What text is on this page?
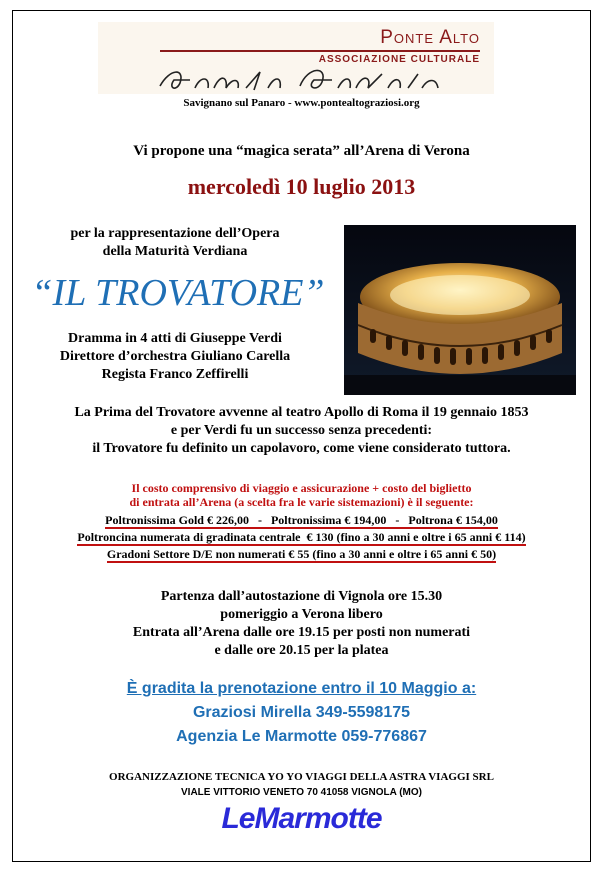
Ponte Alto
ASSOCIAZIONE CULTURALE
Savignano sul Panaro - www.pontealtograziosi.org
Vi propone una “magica serata” all’Arena di Verona
mercoledì 10 luglio 2013
per la rappresentazione dell’Opera
della Maturità Verdiana
“IL TROVATORE”
Dramma in 4 atti di Giuseppe Verdi
Direttore d’orchestra Giuliano Carella
Regista Franco Zeffirelli
La Prima del Trovatore avvenne al teatro Apollo di Roma il 19 gennaio 1853
e per Verdi fu un successo senza precedenti:
il Trovatore fu definito un capolavoro, come viene considerato tuttora.
Il costo comprensivo di viaggio e assicurazione + costo del biglietto
di entrata all’Arena (a scelta fra le varie sistemazioni) è il seguente:
Poltronissima Gold € 226,00   -   Poltronissima € 194,00   -   Poltrona € 154,00
Poltroncina numerata di gradinata centrale  € 130 (fino a 30 anni e oltre i 65 anni € 114)
Gradoni Settore D/E non numerati € 55 (fino a 30 anni e oltre i 65 anni € 50)
Partenza dall’autostazione di Vignola ore 15.30
pomeriggio a Verona libero
Entrata all’Arena dalle ore 19.15 per posti non numerati
e dalle ore 20.15 per la platea
È gradita la prenotazione entro il 10 Maggio a:
Graziosi Mirella 349-5598175
Agenzia Le Marmotte 059-776867
ORGANIZZAZIONE TECNICA YO YO VIAGGI DELLA ASTRA VIAGGI SRL
VIALE VITTORIO VENETO 70 41058 VIGNOLA (MO)
LeMarmotte
